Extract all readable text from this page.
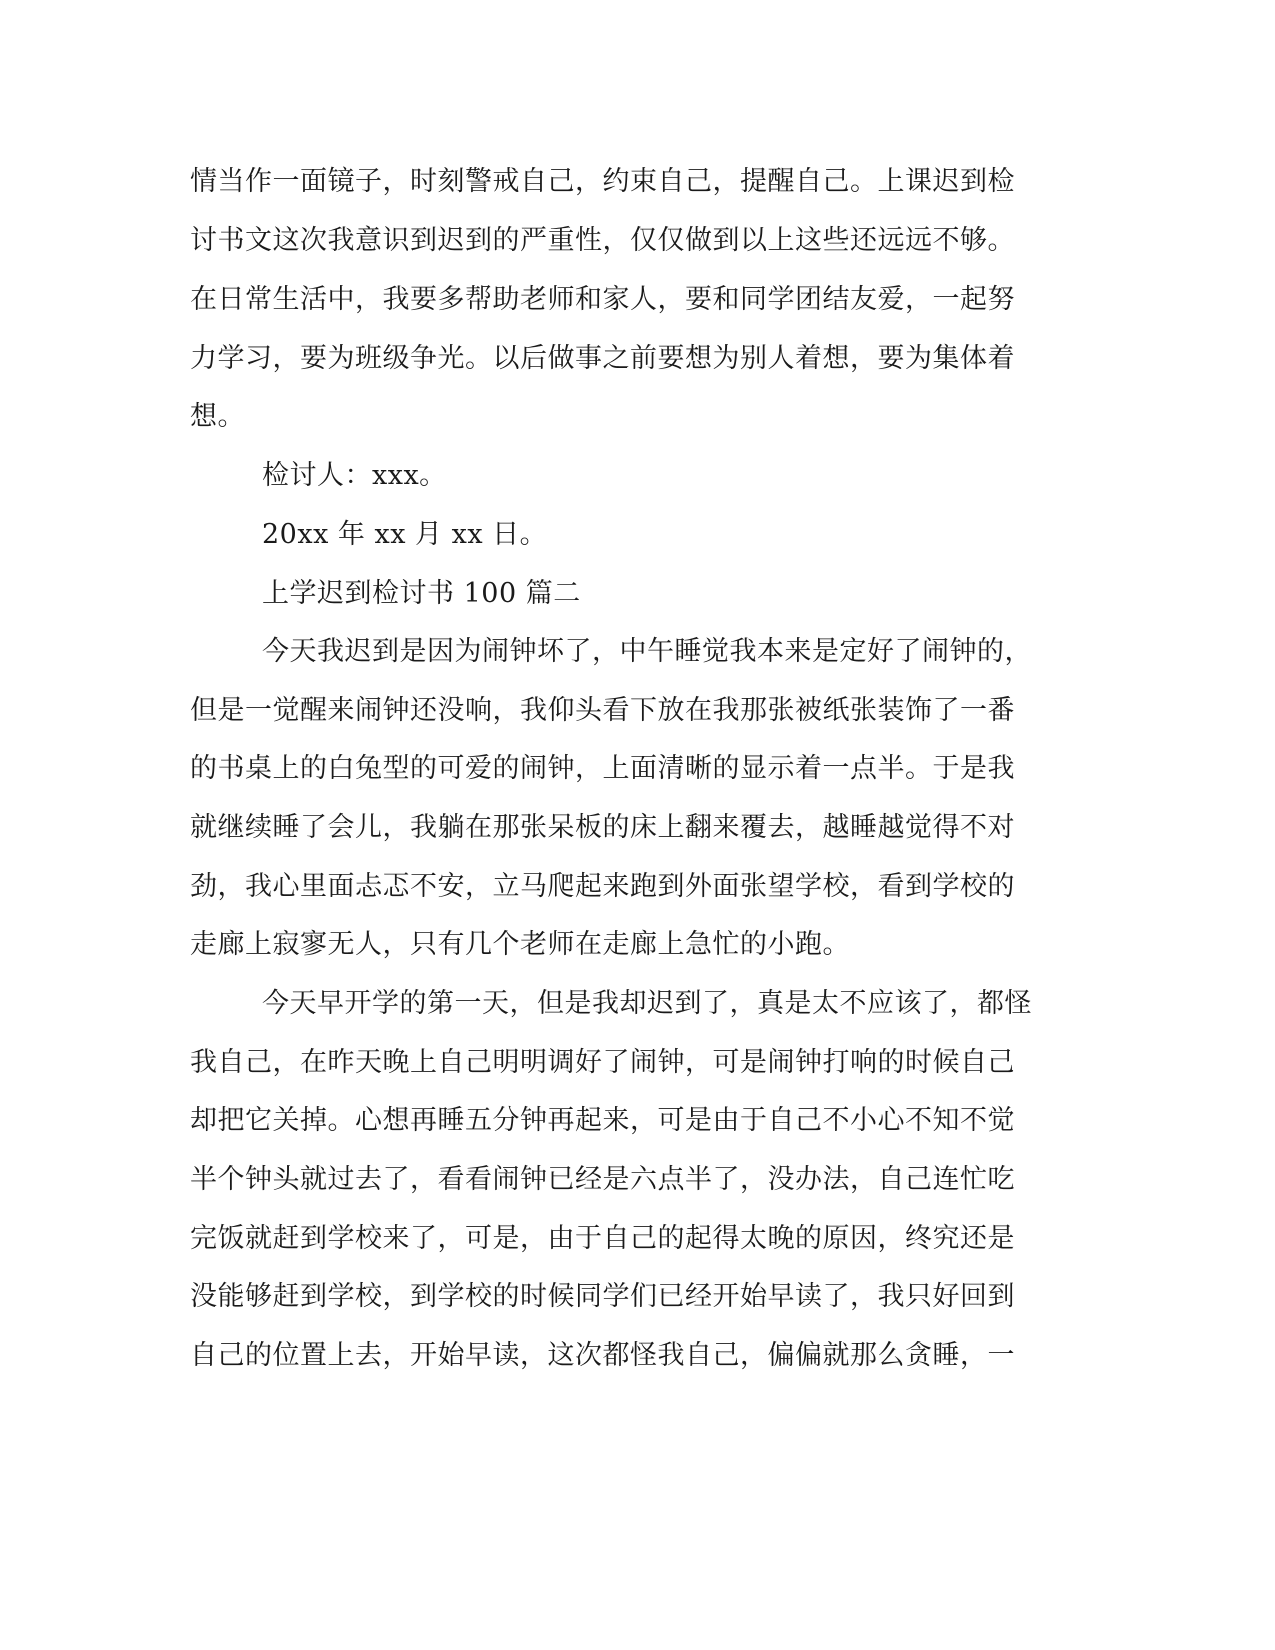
情当作一面镜子，时刻警戒自己，约束自己，提醒自己。上课迟到检
讨书文这次我意识到迟到的严重性，仅仅做到以上这些还远远不够。
在日常生活中，我要多帮助老师和家人，要和同学团结友爱，一起努
力学习，要为班级争光。以后做事之前要想为别人着想，要为集体着
想。
检讨人：xxx。
20xx 年 xx 月 xx 日。
上学迟到检讨书 100 篇二
今天我迟到是因为闹钟坏了，中午睡觉我本来是定好了闹钟的，
但是一觉醒来闹钟还没响，我仰头看下放在我那张被纸张装饰了一番
的书桌上的白兔型的可爱的闹钟，上面清晰的显示着一点半。于是我
就继续睡了会儿，我躺在那张呆板的床上翻来覆去，越睡越觉得不对
劲，我心里面忐忑不安，立马爬起来跑到外面张望学校，看到学校的
走廊上寂寥无人，只有几个老师在走廊上急忙的小跑。
今天早开学的第一天，但是我却迟到了，真是太不应该了，都怪
我自己，在昨天晚上自己明明调好了闹钟，可是闹钟打响的时候自己
却把它关掉。心想再睡五分钟再起来，可是由于自己不小心不知不觉
半个钟头就过去了，看看闹钟已经是六点半了，没办法，自己连忙吃
完饭就赶到学校来了，可是，由于自己的起得太晚的原因，终究还是
没能够赶到学校，到学校的时候同学们已经开始早读了，我只好回到
自己的位置上去，开始早读，这次都怪我自己，偏偏就那么贪睡，一
